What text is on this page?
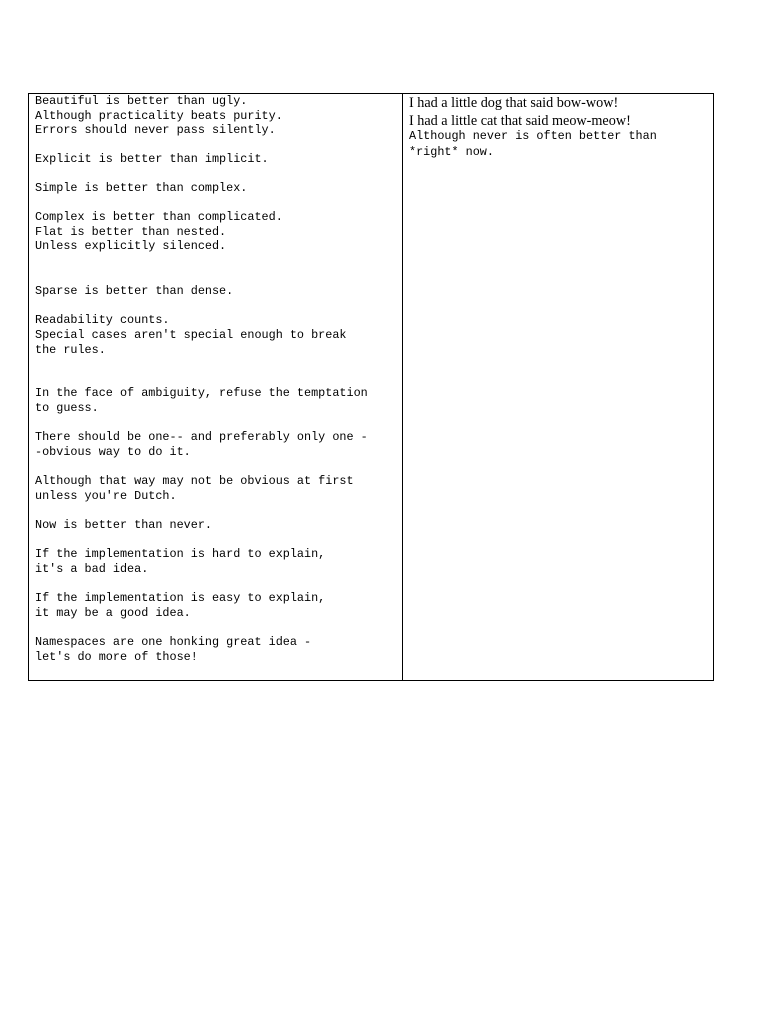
Beautiful is better than ugly.

Although practicality beats purity.

Errors should never pass silently.

Explicit is better than implicit.

Simple is better than complex.

Complex is better than complicated.

Flat is better than nested.

Unless explicitly silenced.

Sparse is better than dense.

Readability counts.

Special cases aren't special enough to break

the rules.

In the face of ambiguity, refuse the temptation

to guess.

There should be one-- and preferably only one -

-obvious way to do it.

Although that way may not be obvious at first

unless you're Dutch.

Now is better than never.

If the implementation is hard to explain,

it's a bad idea.

If the implementation is easy to explain,

it may be a good idea.

Namespaces are one honking great idea -

let's do more of those!

I had a little dog that said bow-wow!

I had a little cat that said meow-meow!

Although never is often better than

*right* now.
